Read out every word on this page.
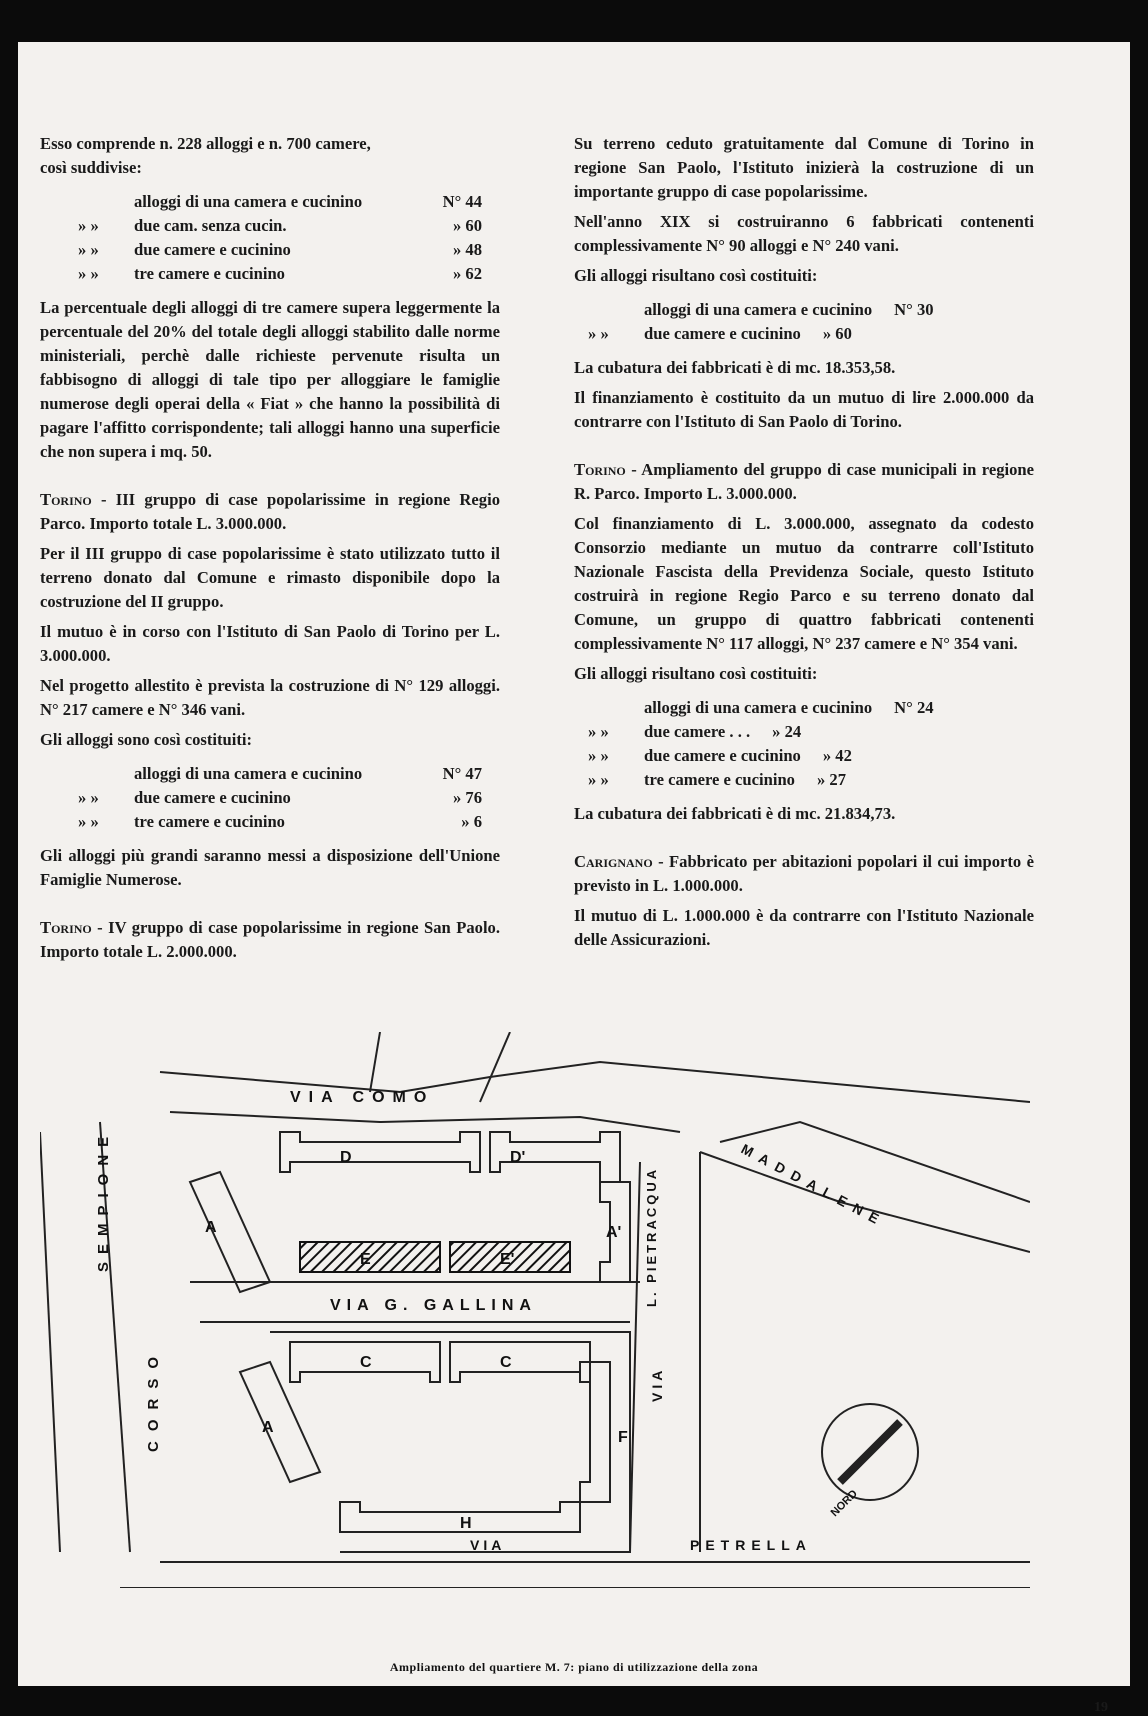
Esso comprende n. 228 alloggi e n. 700 camere,
così suddivise:

alloggi di una camera e cucinino	N° 44
» »	due cam. senza cucin.	» 60
» »	due camere e cucinino	» 48
» »	tre camere e cucinino	» 62

La percentuale degli alloggi di tre camere supera leggermente la percentuale del 20% del totale degli alloggi stabilito dalle norme ministeriali, perchè dalle richieste pervenute risulta un fabbisogno di alloggi di tale tipo per alloggiare le famiglie numerose degli operai della « Fiat » che hanno la possibilità di pagare l'affitto corrispondente; tali alloggi hanno una superficie che non supera i mq. 50.

Torino - III gruppo di case popolarissime in regione Regio Parco. Importo totale L. 3.000.000.

Per il III gruppo di case popolarissime è stato utilizzato tutto il terreno donato dal Comune e rimasto disponibile dopo la costruzione del II gruppo.

Il mutuo è in corso con l'Istituto di San Paolo di Torino per L. 3.000.000.

Nel progetto allestito è prevista la costruzione di N° 129 alloggi. N° 217 camere e N° 346 vani.

Gli alloggi sono così costituiti:

alloggi di una camera e cucinino	N° 47
» »	due camere e cucinino	» 76
» »	tre camere e cucinino	» 6

Gli alloggi più grandi saranno messi a disposizione dell'Unione Famiglie Numerose.

Torino - IV gruppo di case popolarissime in regione San Paolo. Importo totale L. 2.000.000.

Su terreno ceduto gratuitamente dal Comune di Torino in regione San Paolo, l'Istituto inizierà la costruzione di un importante gruppo di case popolarissime.

Nell'anno XIX si costruiranno 6 fabbricati contenenti complessivamente N° 90 alloggi e N° 240 vani.

Gli alloggi risultano così costituiti:

alloggi di una camera e cucinino N° 30
» »	due camere e cucinino » 60

La cubatura dei fabbricati è di mc. 18.353,58.

Il finanziamento è costituito da un mutuo di lire 2.000.000 da contrarre con l'Istituto di San Paolo di Torino.

Torino - Ampliamento del gruppo di case municipali in regione R. Parco. Importo L. 3.000.000.

Col finanziamento di L. 3.000.000, assegnato da codesto Consorzio mediante un mutuo da contrarre coll'Istituto Nazionale Fascista della Previdenza Sociale, questo Istituto costruirà in regione Regio Parco e su terreno donato dal Comune, un gruppo di quattro fabbricati contenenti complessivamente N° 117 alloggi, N° 237 camere e N° 354 vani.

Gli alloggi risultano così costituiti:

alloggi di una camera e cucinino N° 24
» »	due camere . . . » 24
» »	due camere e cucinino » 42
» »	tre camere e cucinino » 27

La cubatura dei fabbricati è di mc. 21.834,73.

Carignano - Fabbricato per abitazioni popolari il cui importo è previsto in L. 1.000.000.

Il mutuo di L. 1.000.000 è da contrarre con l'Istituto Nazionale delle Assicurazioni.

VIA COMO
VIA G. GALLINA
VIA	PETRELLA
MADDALENE
SEMPIONE
CORSO
L. PIETRACQUA
VIA
NORD
D	D'
A	A'
E	E'
C	C
A
F
H
Ampliamento del quartiere M. 7: piano di utilizzazione della zona
19
